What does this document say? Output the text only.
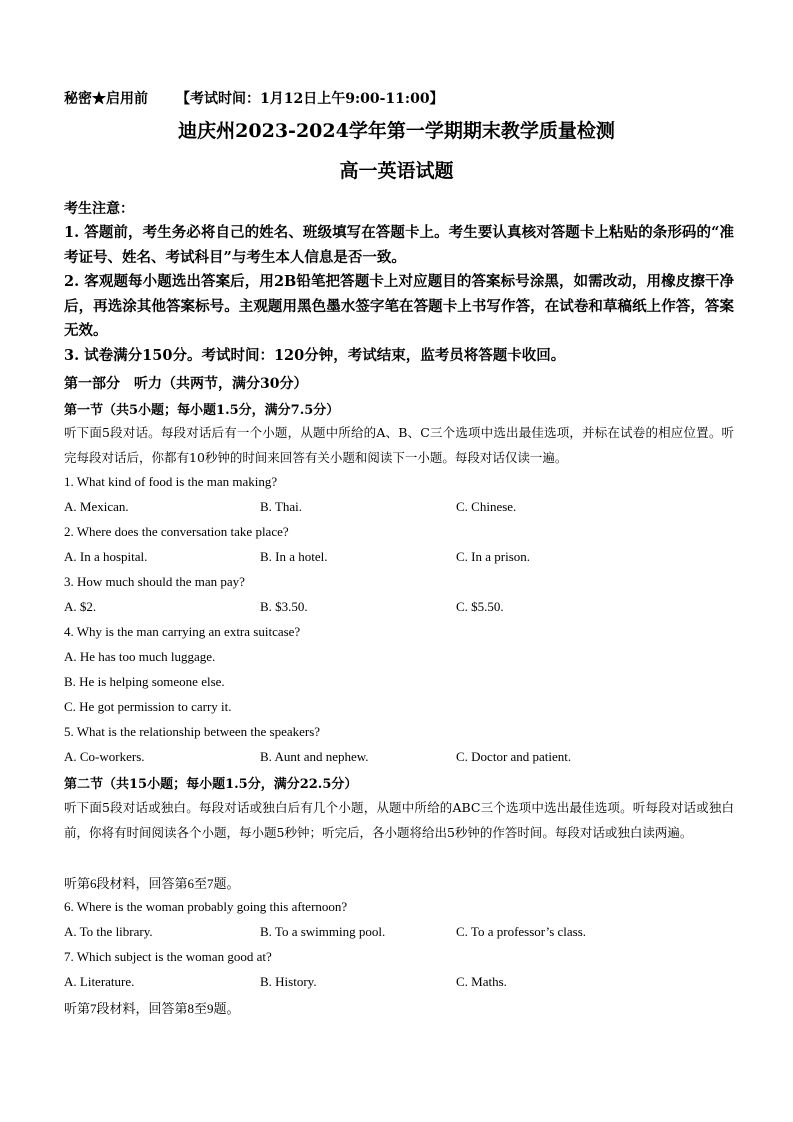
秘密★启用前 【考试时间：1月12日上午9:00-11:00】
迪庆州2023-2024学年第一学期期末教学质量检测
高一英语试题
考生注意：
1. 答题前，考生务必将自己的姓名、班级填写在答题卡上。考生要认真核对答题卡上粘贴的条形码的“准考证号、姓名、考试科目”与考生本人信息是否一致。
2. 客观题每小题选出答案后，用2B铅笔把答题卡上对应题目的答案标号涂黑，如需改动，用橡皮擦干净后，再选涂其他答案标号。主观题用黑色墨水签字笔在答题卡上书写作答，在试卷和草稿纸上作答，答案无效。
3. 试卷满分150分。考试时间：120分钟，考试结束，监考员将答题卡收回。
第一部分　听力（共两节，满分30分）
第一节（共5小题；每小题1.5分，满分7.5分）
听下面5段对话。每段对话后有一个小题，从题中所给的A、B、C三个选项中选出最佳选项，并标在试卷的相应位置。听完每段对话后，你都有10秒钟的时间来回答有关小题和阅读下一小题。每段对话仅读一遍。
1. What kind of food is the man making?
A. Mexican.	B. Thai.	C. Chinese.
2. Where does the conversation take place?
A. In a hospital.	B. In a hotel.	C. In a prison.
3. How much should the man pay?
A. $2.	B. $3.50.	C. $5.50.
4. Why is the man carrying an extra suitcase?
A. He has too much luggage.
B. He is helping someone else.
C. He got permission to carry it.
5. What is the relationship between the speakers?
A. Co-workers.	B. Aunt and nephew.	C. Doctor and patient.
第二节（共15小题；每小题1.5分，满分22.5分）
听下面5段对话或独白。每段对话或独白后有几个小题，从题中所给的ABC三个选项中选出最佳选项。听每段对话或独白前，你将有时间阅读各个小题，每小题5秒钟；听完后，各小题将给出5秒钟的作答时间。每段对话或独白读两遍。
听第6段材料，回答第6至7题。
6. Where is the woman probably going this afternoon?
A. To the library.	B. To a swimming pool.	C. To a professor’s class.
7. Which subject is the woman good at?
A. Literature.	B. History.	C. Maths.
听第7段材料，回答第8至9题。
